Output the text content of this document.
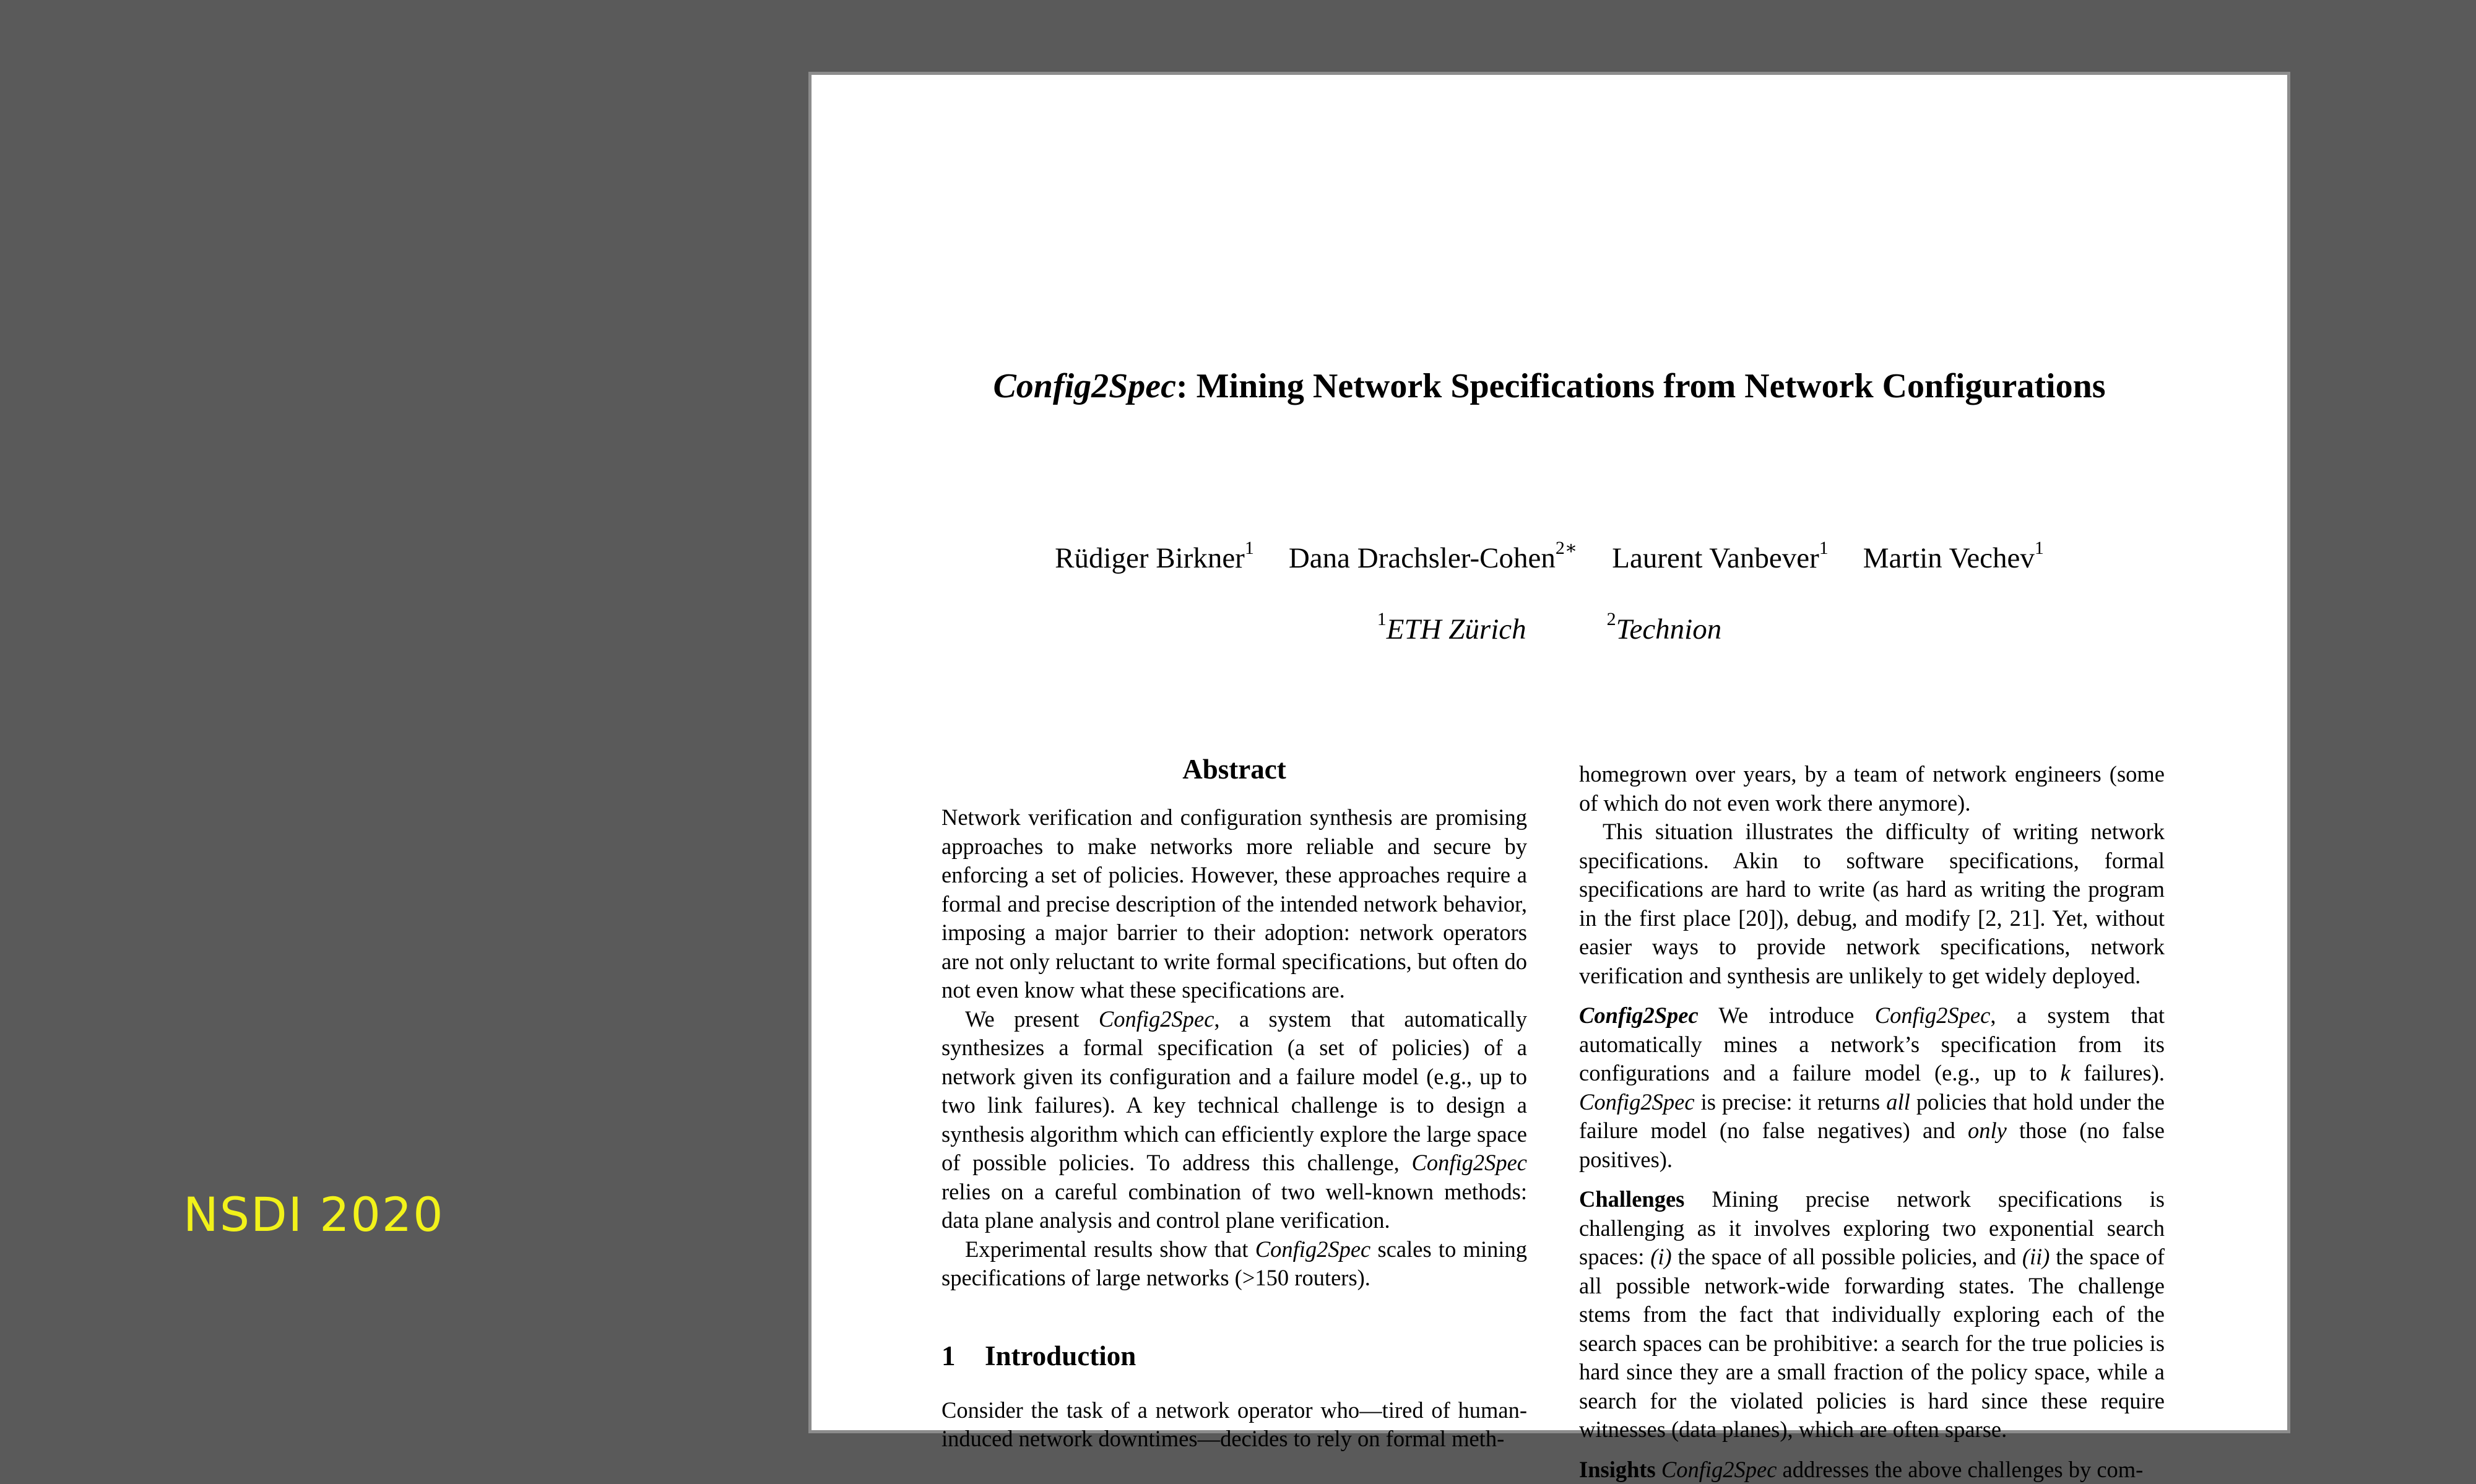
NSDI 2020
Config2Spec: Mining Network Specifications from Network Configurations
Rüdiger Birkner$^1$ Dana Drachsler-Cohen$^{2∗}$ Laurent Vanbever$^1$ Martin Vechev$^1$
$^1$ETH Zürich	$^2$Technion
Abstract

Network verification and configuration synthesis are promising approaches to make networks more reliable and secure by enforcing a set of policies. However, these approaches require a formal and precise description of the intended network behavior, imposing a major barrier to their adoption: network operators are not only reluctant to write formal specifications, but often do not even know what these specifications are.

We present Config2Spec, a system that automatically synthesizes a formal specification (a set of policies) of a network given its configuration and a failure model (e.g., up to two link failures). A key technical challenge is to design a synthesis algorithm which can efficiently explore the large space of possible policies. To address this challenge, Config2Spec relies on a careful combination of two well-known methods: data plane analysis and control plane verification.

Experimental results show that Config2Spec scales to mining specifications of large networks (>150 routers).

1 Introduction

Consider the task of a network operator who—tired of human-induced network downtimes—decides to rely on formal meth-

homegrown over years, by a team of network engineers (some of which do not even work there anymore).

This situation illustrates the difficulty of writing network specifications. Akin to software specifications, formal specifications are hard to write (as hard as writing the program in the first place [20]), debug, and modify [2, 21]. Yet, without easier ways to provide network specifications, network verification and synthesis are unlikely to get widely deployed.

Config2Spec We introduce Config2Spec, a system that automatically mines a network’s specification from its configurations and a failure model (e.g., up to k failures). Config2Spec is precise: it returns all policies that hold under the failure model (no false negatives) and only those (no false positives).

Challenges Mining precise network specifications is challenging as it involves exploring two exponential search spaces: (i) the space of all possible policies, and (ii) the space of all possible network-wide forwarding states. The challenge stems from the fact that individually exploring each of the search spaces can be prohibitive: a search for the true policies is hard since they are a small fraction of the policy space, while a search for the violated policies is hard since these require witnesses (data planes), which are often sparse.

Insights Config2Spec addresses the above challenges by com-
